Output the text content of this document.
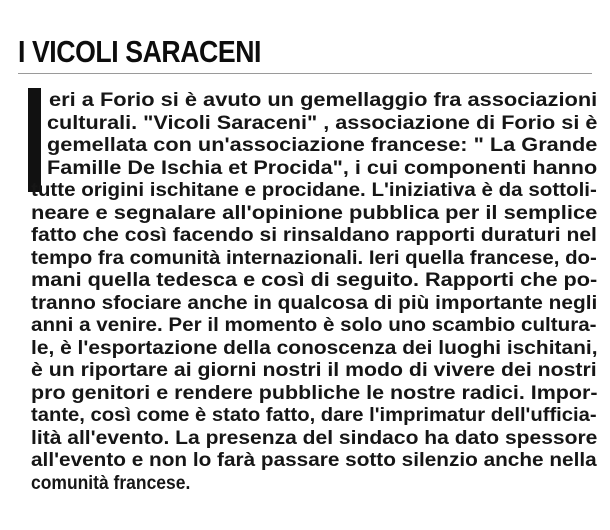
I VICOLI SARACENI
eri a Forio si è avuto un gemellaggio fra associazioni
culturali. "Vicoli Saraceni" , associazione di Forio si è
gemellata con un'associazione francese: " La Grande
Famille De Ischia et Procida", i cui componenti hanno
tutte origini ischitane e procidane. L'iniziativa è da sottoli-
neare e segnalare all'opinione pubblica per il semplice
fatto che così facendo si rinsaldano rapporti duraturi nel
tempo fra comunità internazionali. Ieri quella francese, do-
mani quella tedesca e così di seguito. Rapporti che po-
tranno sfociare anche in qualcosa di più importante negli
anni a venire. Per il momento è solo uno scambio cultura-
le, è l'esportazione della conoscenza dei luoghi ischitani,
è un riportare ai giorni nostri il modo di vivere dei nostri
pro genitori e rendere pubbliche le nostre radici. Impor-
tante, così come è stato fatto, dare l'imprimatur dell'ufficia-
lità all'evento. La presenza del sindaco ha dato spessore
all'evento e non lo farà passare sotto silenzio anche nella
comunità francese.
